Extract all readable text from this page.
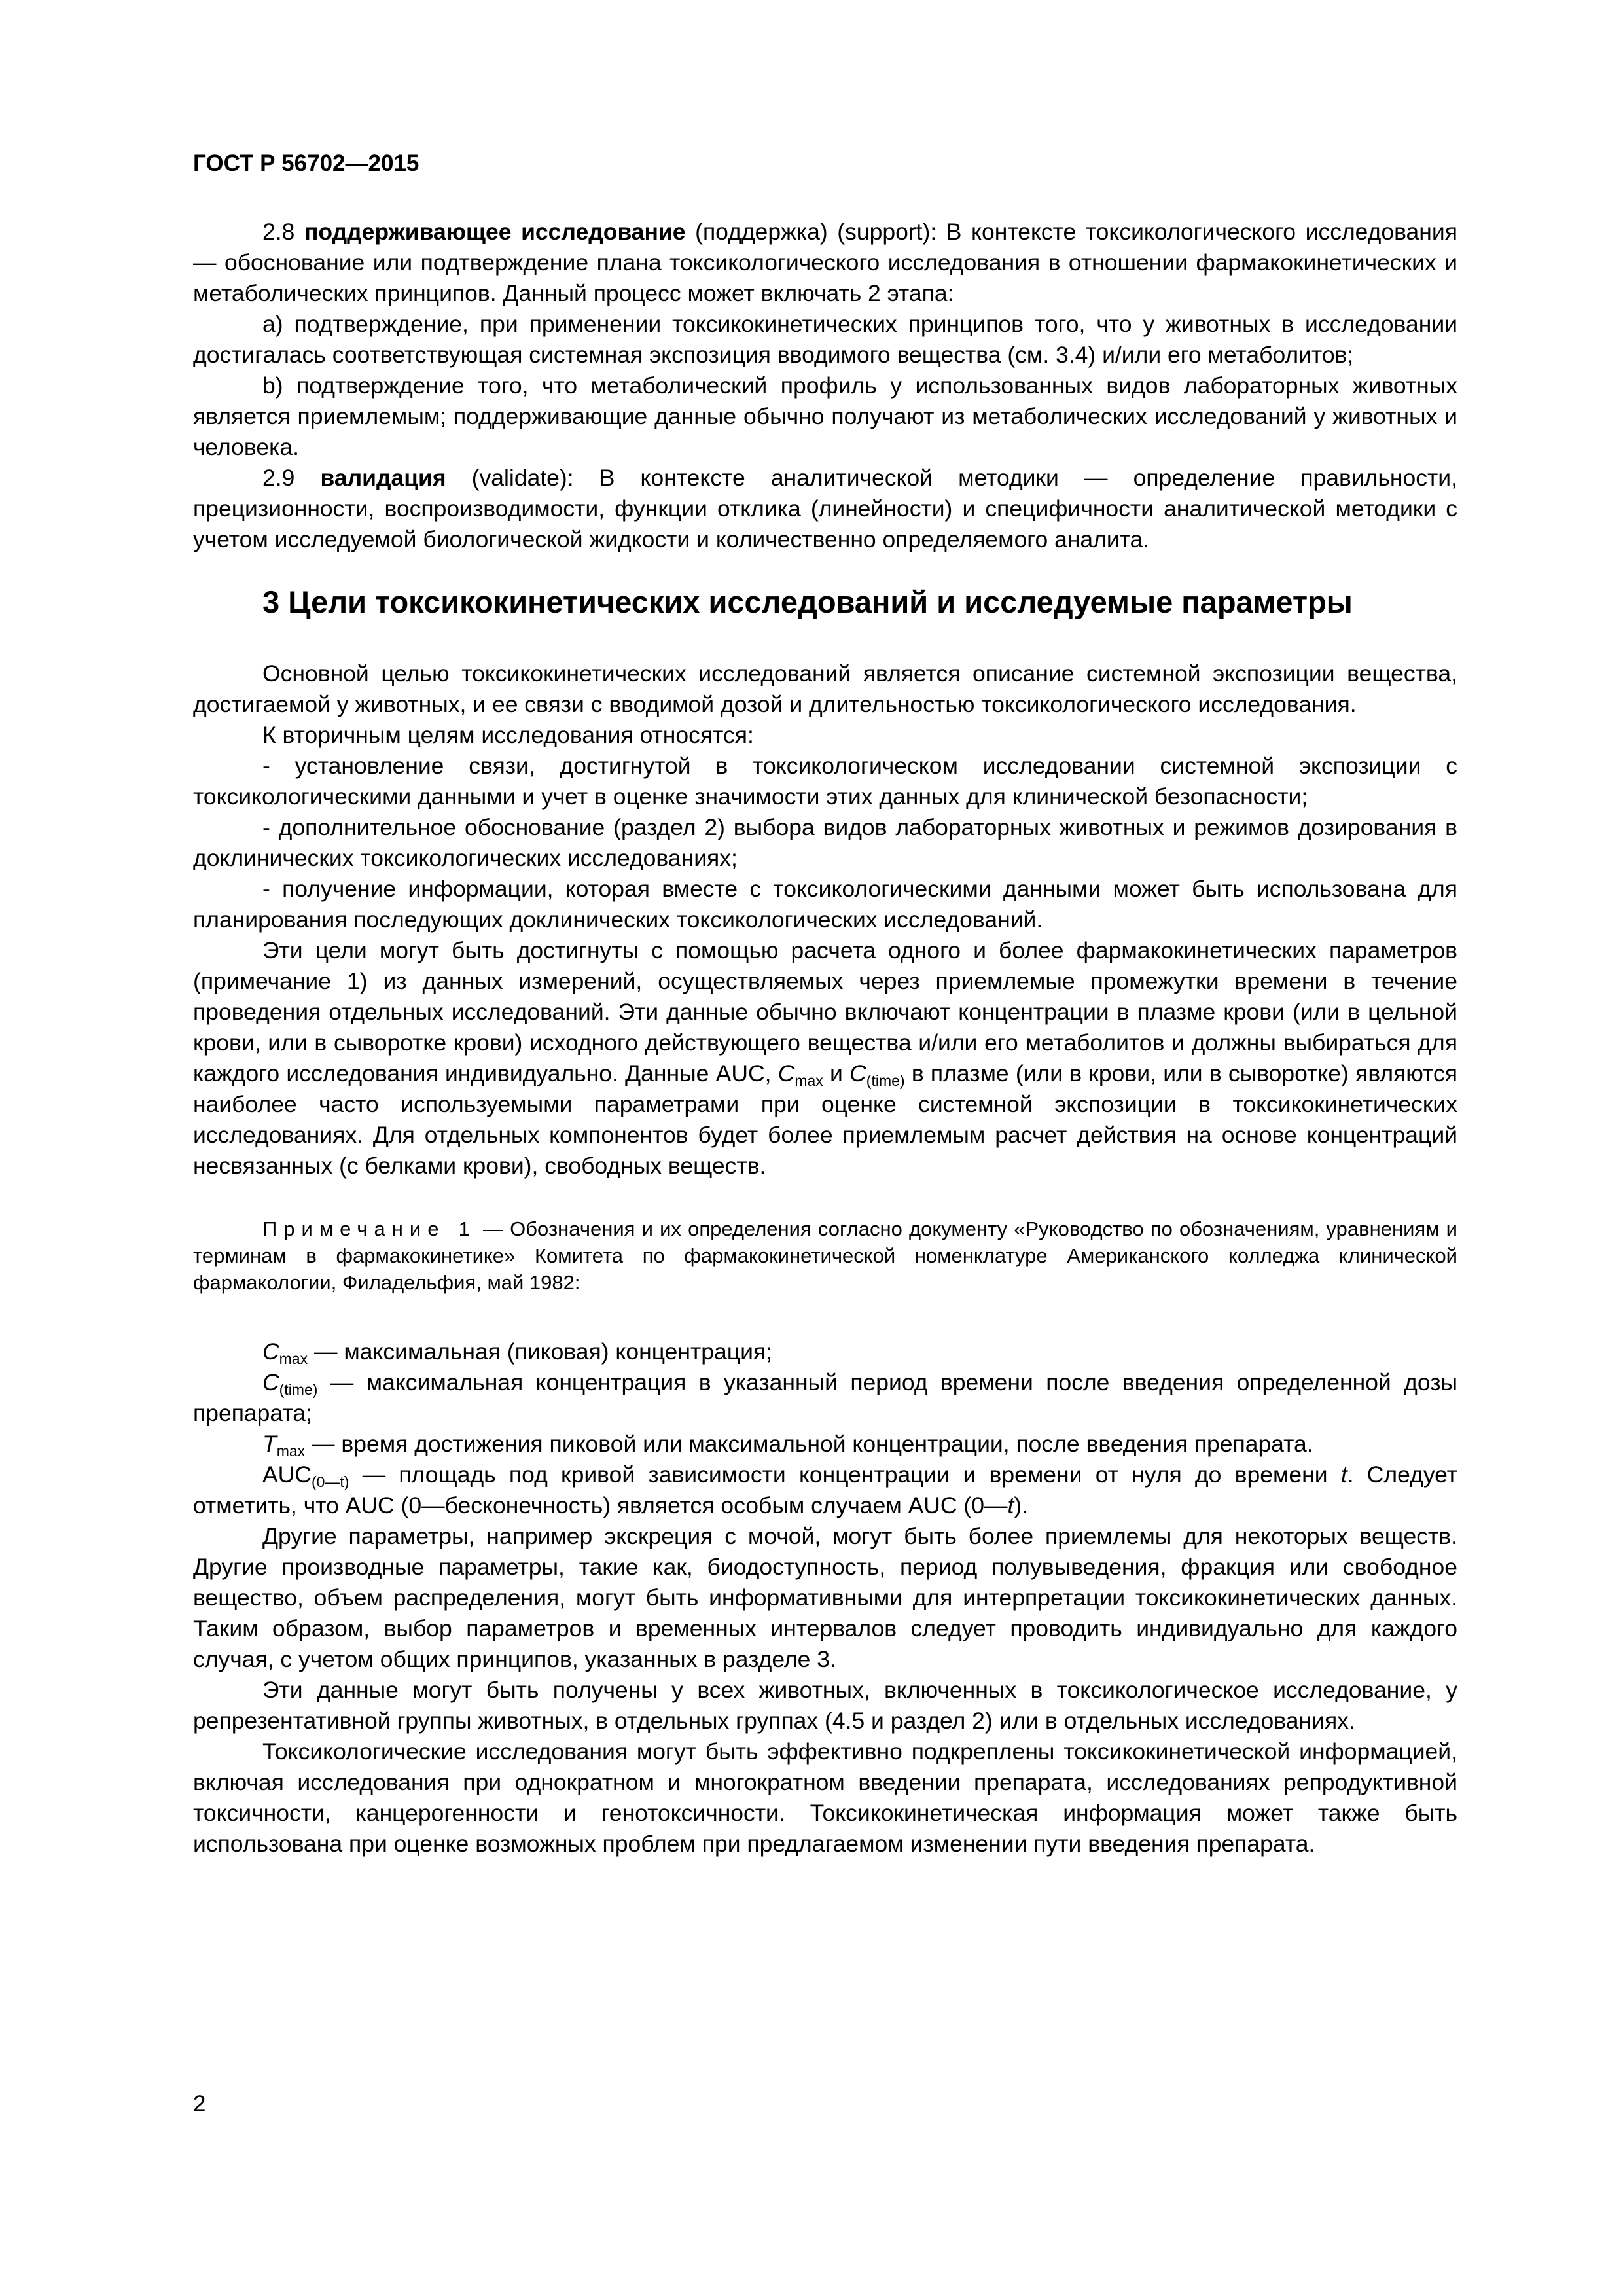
ГОСТ Р 56702—2015

2.8 поддерживающее исследование (поддержка) (support): В контексте токсикологического исследования — обоснование или подтверждение плана токсикологического исследования в отношении фармакокинетических и метаболических принципов. Данный процесс может включать 2 этапа:

a) подтверждение, при применении токсикокинетических принципов того, что у животных в исследовании достигалась соответствующая системная экспозиция вводимого вещества (см. 3.4) и/или его метаболитов;

b) подтверждение того, что метаболический профиль у использованных видов лабораторных животных является приемлемым; поддерживающие данные обычно получают из метаболических исследований у животных и человека.

2.9 валидация (validate): В контексте аналитической методики — определение правильности, прецизионности, воспроизводимости, функции отклика (линейности) и специфичности аналитической методики с учетом исследуемой биологической жидкости и количественно определяемого аналита.

3 Цели токсикокинетических исследований и исследуемые параметры

Основной целью токсикокинетических исследований является описание системной экспозиции вещества, достигаемой у животных, и ее связи с вводимой дозой и длительностью токсикологического исследования.

К вторичным целям исследования относятся:

- установление связи, достигнутой в токсикологическом исследовании системной экспозиции с токсикологическими данными и учет в оценке значимости этих данных для клинической безопасности;

- дополнительное обоснование (раздел 2) выбора видов лабораторных животных и режимов дозирования в доклинических токсикологических исследованиях;

- получение информации, которая вместе с токсикологическими данными может быть использована для планирования последующих доклинических токсикологических исследований.

Эти цели могут быть достигнуты с помощью расчета одного и более фармакокинетических параметров (примечание 1) из данных измерений, осуществляемых через приемлемые промежутки времени в течение проведения отдельных исследований. Эти данные обычно включают концентрации в плазме крови (или в цельной крови, или в сыворотке крови) исходного действующего вещества и/или его метаболитов и должны выбираться для каждого исследования индивидуально. Данные AUC, $C_{max}$ и $C_{(time)}$ в плазме (или в крови, или в сыворотке) являются наиболее часто используемыми параметрами при оценке системной экспозиции в токсикокинетических исследованиях. Для отдельных компонентов будет более приемлемым расчет действия на основе концентраций несвязанных (с белками крови), свободных веществ.

Примечание 1 — Обозначения и их определения согласно документу «Руководство по обозначениям, уравнениям и терминам в фармакокинетике» Комитета по фармакокинетической номенклатуре Американского колледжа клинической фармакологии, Филадельфия, май 1982:

$C_{max}$ — максимальная (пиковая) концентрация;

$C_{(time)}$ — максимальная концентрация в указанный период времени после введения определенной дозы препарата;

$T_{max}$ — время достижения пиковой или максимальной концентрации, после введения препарата.

$AUC_{(0—t)}$ — площадь под кривой зависимости концентрации и времени от нуля до времени t. Следует отметить, что AUC (0—бесконечность) является особым случаем AUC (0—t).

Другие параметры, например экскреция с мочой, могут быть более приемлемы для некоторых веществ. Другие производные параметры, такие как, биодоступность, период полувыведения, фракция или свободное вещество, объем распределения, могут быть информативными для интерпретации токсикокинетических данных. Таким образом, выбор параметров и временных интервалов следует проводить индивидуально для каждого случая, с учетом общих принципов, указанных в разделе 3.

Эти данные могут быть получены у всех животных, включенных в токсикологическое исследование, у репрезентативной группы животных, в отдельных группах (4.5 и раздел 2) или в отдельных исследованиях.

Токсикологические исследования могут быть эффективно подкреплены токсикокинетической информацией, включая исследования при однократном и многократном введении препарата, исследованиях репродуктивной токсичности, канцерогенности и генотоксичности. Токсикокинетическая информация может также быть использована при оценке возможных проблем при предлагаемом изменении пути введения препарата.

2
